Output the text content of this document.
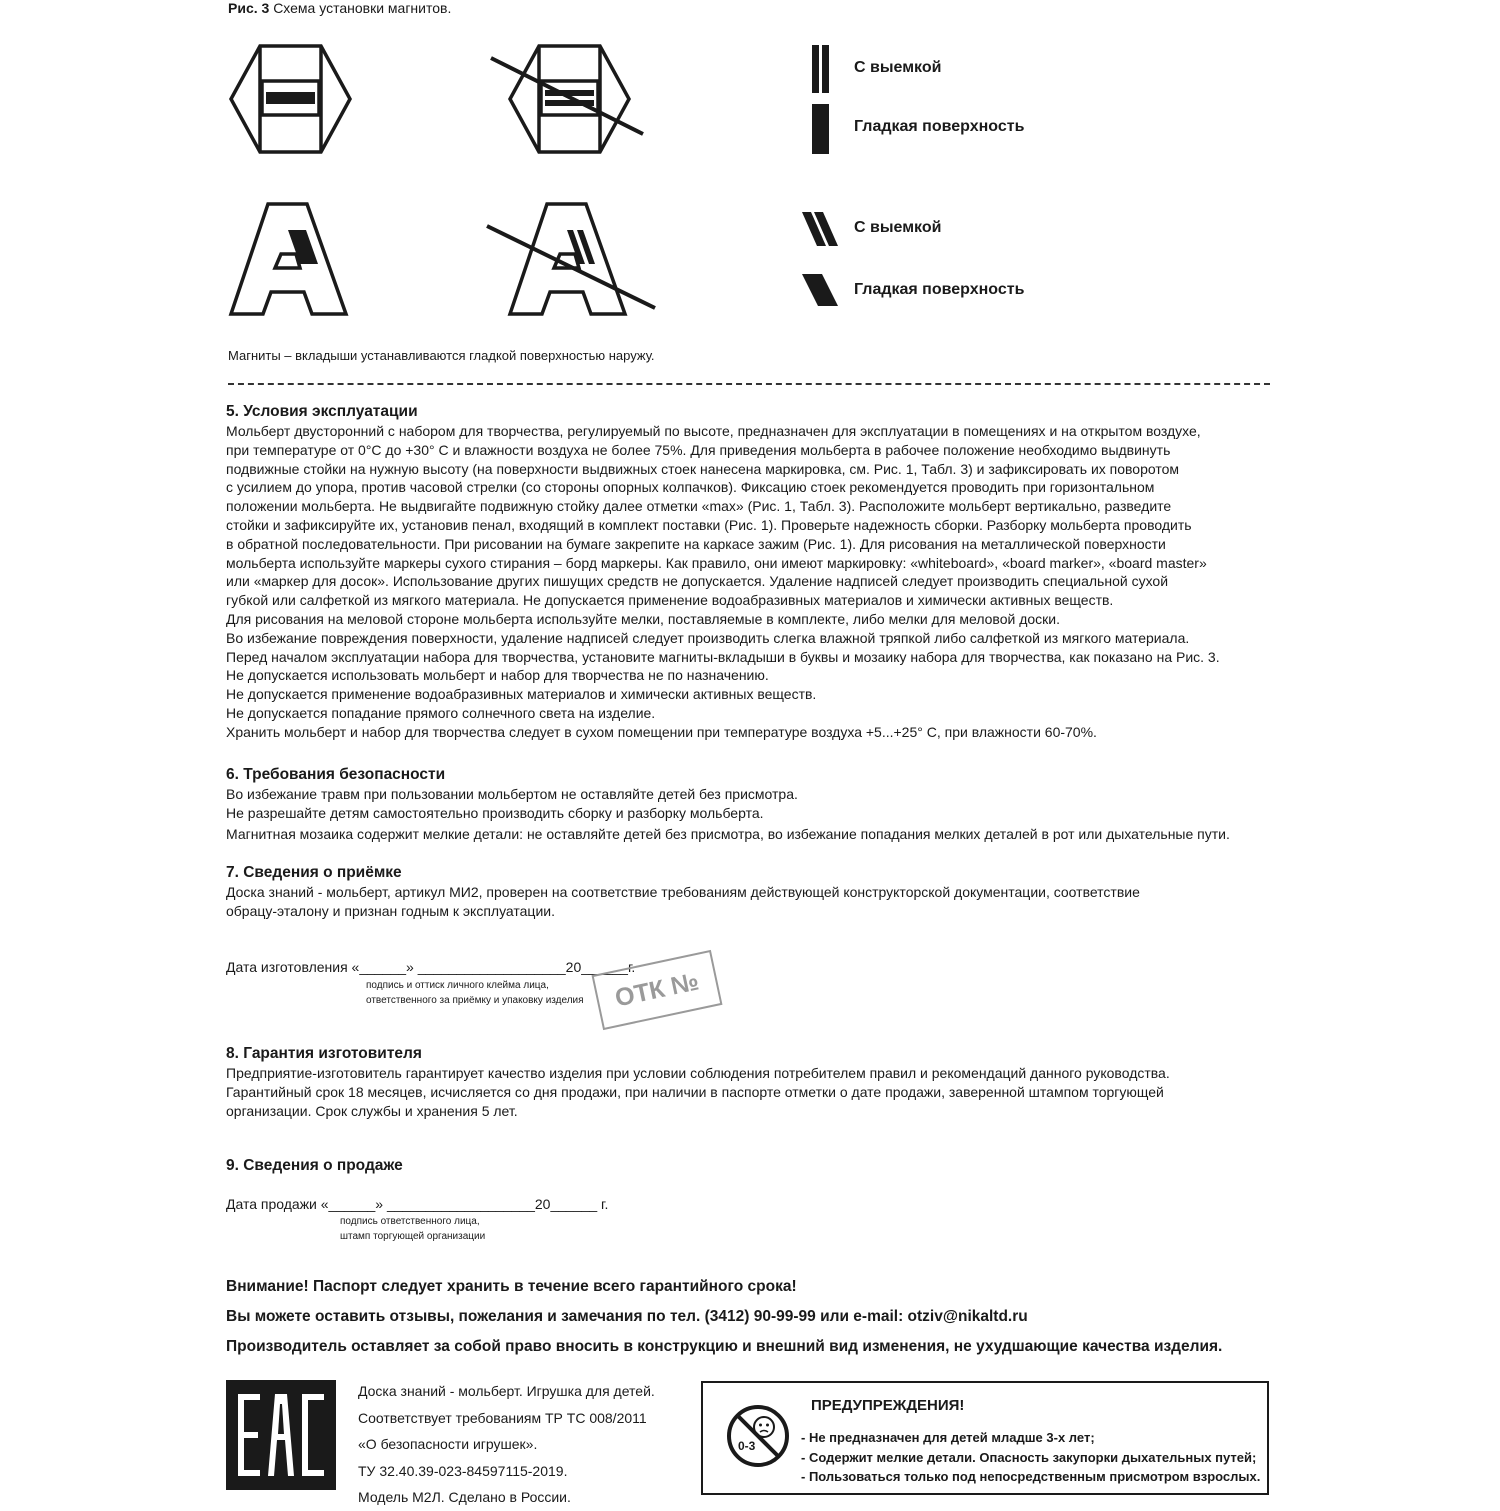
Рис. 3 Схема установки магнитов.
С выемкой
Гладкая поверхность
С выемкой
Гладкая поверхность
Магниты – вкладыши устанавливаются гладкой поверхностью наружу.
5. Условия эксплуатации
Мольберт двусторонний с набором для творчества, регулируемый по высоте, предназначен для эксплуатации в помещениях и на открытом воздухе,
при температуре от 0°C до +30° С и влажности воздуха не более 75%. Для приведения мольберта в рабочее положение необходимо выдвинуть
подвижные стойки на нужную высоту (на поверхности выдвижных стоек нанесена маркировка, см. Рис. 1, Табл. 3) и зафиксировать их поворотом
с усилием до упора, против часовой стрелки (со стороны опорных колпачков). Фиксацию стоек рекомендуется проводить при горизонтальном
положении мольберта. Не выдвигайте подвижную стойку далее отметки «max» (Рис. 1, Табл. 3). Расположите мольберт вертикально, разведите
стойки и зафиксируйте их, установив пенал, входящий в комплект поставки (Рис. 1). Проверьте надежность сборки. Разборку мольберта проводить
в обратной последовательности. При рисовании на бумаге закрепите на каркасе зажим (Рис. 1). Для рисования на металлической поверхности
мольберта используйте маркеры сухого стирания – борд маркеры. Как правило, они имеют маркировку: «whiteboard», «board marker», «board master»
или «маркер для досок». Использование других пишущих средств не допускается. Удаление надписей следует производить специальной сухой
губкой или салфеткой из мягкого материала. Не допускается применение водоабразивных материалов и химически активных веществ.
Для рисования на меловой стороне мольберта используйте мелки, поставляемые в комплекте, либо мелки для меловой доски.
Во избежание повреждения поверхности, удаление надписей следует производить слегка влажной тряпкой либо салфеткой из мягкого материала.
Перед началом эксплуатации набора для творчества, установите магниты-вкладыши в буквы и мозаику набора для творчества, как показано на Рис. 3.
Не допускается использовать мольберт и набор для творчества не по назначению.
Не допускается применение водоабразивных материалов и химически активных веществ.
Не допускается попадание прямого солнечного света на изделие.
Хранить мольберт и набор для творчества следует в сухом помещении при температуре воздуха +5...+25° С, при влажности 60-70%.
6. Требования безопасности
Во избежание травм при пользовании мольбертом не оставляйте детей без присмотра.
Не разрешайте детям самостоятельно производить сборку и разборку мольберта.
Магнитная мозаика содержит мелкие детали: не оставляйте детей без присмотра, во избежание попадания мелких деталей в рот или дыхательные пути.
7. Сведения о приёмке
Доска знаний - мольберт, артикул МИ2, проверен на соответствие требованиям действующей конструкторской документации, соответствие
обрацу-эталону и признан годным к эксплуатации.
Дата изготовления «______» ___________________20______г.
подпись и оттиск личного клейма лица,
ответственного за приёмку и упаковку изделия	ОТК №
8. Гарантия изготовителя
Предприятие-изготовитель гарантирует качество изделия при условии соблюдения потребителем правил и рекомендаций данного руководства.
Гарантийный срок 18 месяцев, исчисляется со дня продажи, при наличии в паспорте отметки о дате продажи, заверенной штампом торгующей
организации. Срок службы и хранения 5 лет.
9. Сведения о продаже
Дата продажи «______» ___________________20______ г.
подпись ответственного лица,
штамп торгующей организации
Внимание! Паспорт следует хранить в течение всего гарантийного срока!
Вы можете оставить отзывы, пожелания и замечания по тел. (3412) 90-99-99 или e-mail: otziv@nikaltd.ru
Производитель оставляет за собой право вносить в конструкцию и внешний вид изменения, не ухудшающие качества изделия.
Доска знаний - мольберт. Игрушка для детей.
Соответствует требованиям ТР ТС 008/2011
«О безопасности игрушек».
ТУ 32.40.39-023-84597115-2019.
Модель М2Л. Сделано в России.
0-3
ПРЕДУПРЕЖДЕНИЯ!
- Не предназначен для детей младше 3-х лет;
- Содержит мелкие детали. Опасность закупорки дыхательных путей;
- Пользоваться только под непосредственным присмотром взрослых.
